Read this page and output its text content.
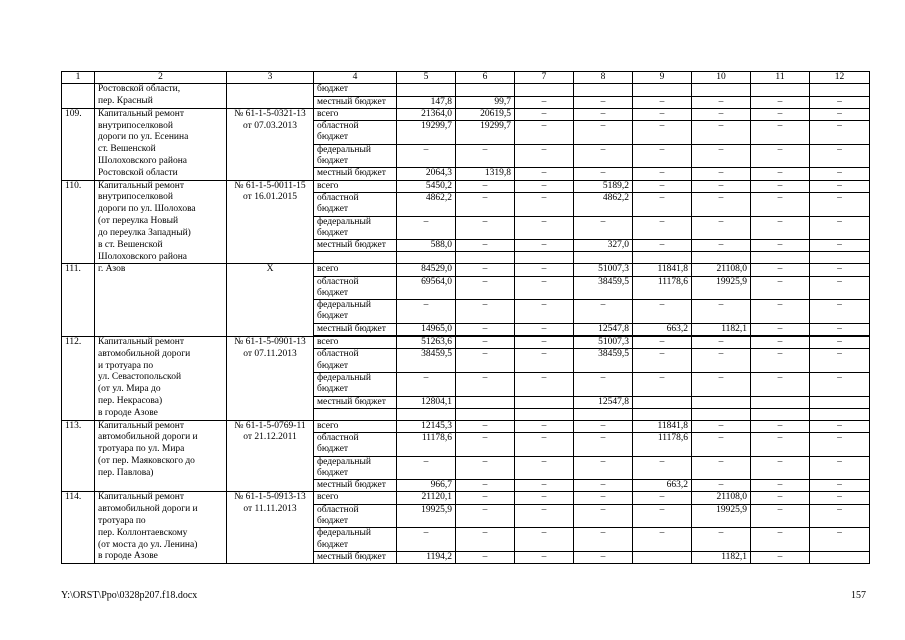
1	2	3	4	5	6	7	8	9	10	11	12
	Ростовской области,		бюджет								
	пер. Красный		местный бюджет	147,8	99,7	–	–	–	–	–	–
109.	Капитальный ремонт	№ 61-1-5-0321-13	всего	21364,0	20619,5	–	–	–	–	–	–
	внутрипоселковой	от 07.03.2013	областной	19299,7	19299,7	–	–	–	–	–	–
	дороги по ул. Есенина		бюджет								
	ст. Вешенской		федеральный	–	–	–	–	–	–	–	–
	Шолоховского района		бюджет								
	Ростовской области		местный бюджет	2064,3	1319,8	–	–	–	–	–	–
110.	Капитальный ремонт	№ 61-1-5-0011-15	всего	5450,2	–	–	5189,2	–	–	–	–
	внутрипоселковой	от 16.01.2015	областной	4862,2	–	–	4862,2	–	–	–	–
	дороги по ул. Шолохова		бюджет								
	(от переулка Новый		федеральный	–	–	–	–	–	–	–	–
	до переулка Западный)		бюджет								
	в ст. Вешенской		местный бюджет	588,0	–	–	327,0	–	–	–	–
	Шолоховского района										
111.	г. Азов	X	всего	84529,0	–	–	51007,3	11841,8	21108,0	–	–
			областной	69564,0	–	–	38459,5	11178,6	19925,9	–	–
			бюджет								
			федеральный	–	–	–	–	–	–	–	–
			бюджет								
			местный бюджет	14965,0	–	–	12547,8	663,2	1182,1	–	–

112.	Капитальный ремонт	№ 61-1-5-0901-13	всего	51263,6	–	–	51007,3	–	–	–	–
	автомобильной дороги	от 07.11.2013	областной	38459,5	–	–	38459,5	–	–	–	–
	и тротуара по		бюджет								
	ул. Севастопольской		федеральный	–	–	–	–	–	–	–	–
	(от ул. Мира до		бюджет								
	пер. Некрасова)		местный бюджет	12804,1			12547,8				
	в городе Азове										
113.	Капитальный ремонт	№ 61-1-5-0769-11	всего	12145,3	–	–	–	11841,8	–	–	–
	автомобильной дороги и	от 21.12.2011	областной	11178,6	–	–	–	11178,6	–	–	–
	тротуара по ул. Мира		бюджет								
	(от пер. Маяковского до		федеральный	–	–	–	–	–	–	–	–
	пер. Павлова)		бюджет								
			местный бюджет	966,7	–	–	–	663,2	–	–	–
114.	Капитальный ремонт	№ 61-1-5-0913-13	всего	21120,1	–	–	–	–	21108,0	–	–
	автомобильной дороги и	от 11.11.2013	областной	19925,9	–	–	–	–	19925,9	–	–
	тротуара по		бюджет								
	пер. Коллонтаевскому		федеральный	–	–	–	–	–	–	–	–
	(от моста до ул. Ленина)		бюджет								
	в городе Азове		местный бюджет	1194,2	–	–	–		1182,1	–	
Y:\ORST\Ppo\0328p207.f18.docx	157
